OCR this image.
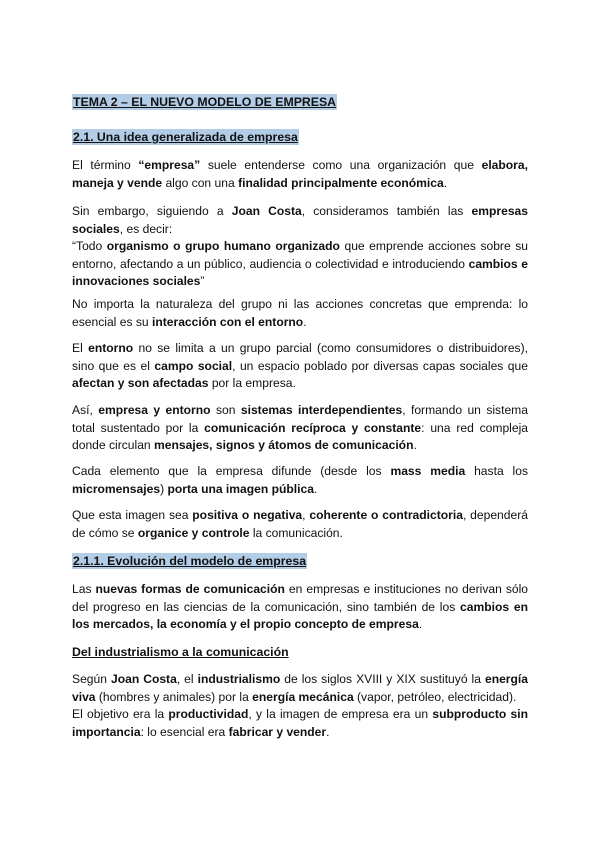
TEMA 2 – EL NUEVO MODELO DE EMPRESA
2.1. Una idea generalizada de empresa

El término “empresa” suele entenderse como una organización que elabora, maneja y vende algo con una finalidad principalmente económica.

Sin embargo, siguiendo a Joan Costa, consideramos también las empresas sociales, es decir:

“Todo organismo o grupo humano organizado que emprende acciones sobre su entorno, afectando a un público, audiencia o colectividad e introduciendo cambios e innovaciones sociales”

No importa la naturaleza del grupo ni las acciones concretas que emprenda: lo esencial es su interacción con el entorno.

El entorno no se limita a un grupo parcial (como consumidores o distribuidores), sino que es el campo social, un espacio poblado por diversas capas sociales que afectan y son afectadas por la empresa.

Así, empresa y entorno son sistemas interdependientes, formando un sistema total sustentado por la comunicación recíproca y constante: una red compleja donde circulan mensajes, signos y átomos de comunicación.

Cada elemento que la empresa difunde (desde los mass media hasta los micromensajes) porta una imagen pública.

Que esta imagen sea positiva o negativa, coherente o contradictoria, dependerá de cómo se organice y controle la comunicación.

2.1.1. Evolución del modelo de empresa

Las nuevas formas de comunicación en empresas e instituciones no derivan sólo del progreso en las ciencias de la comunicación, sino también de los cambios en los mercados, la economía y el propio concepto de empresa.

Del industrialismo a la comunicación

Según Joan Costa, el industrialismo de los siglos XVIII y XIX sustituyó la energía viva (hombres y animales) por la energía mecánica (vapor, petróleo, electricidad).

El objetivo era la productividad, y la imagen de empresa era un subproducto sin importancia: lo esencial era fabricar y vender.
